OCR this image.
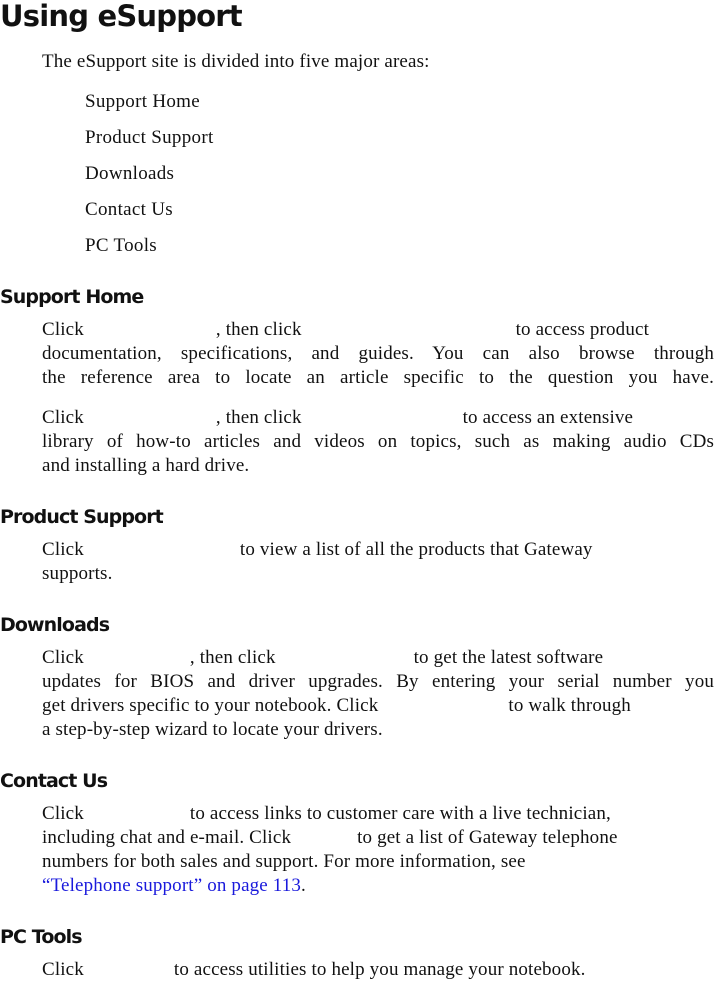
Using eSupport

The eSupport site is divided into five major areas:

Support Home

Product Support

Downloads

Contact Us

PC Tools

Support Home

Click	, then click	to access product
documentation, specifications, and guides. You can also browse through
the reference area to locate an article specific to the question you have.

Click	, then click	to access an extensive
library of how-to articles and videos on topics, such as making audio CDs
and installing a hard drive.

Product Support

Click	to view a list of all the products that Gateway
supports.

Downloads

Click	, then click	to get the latest software
updates for BIOS and driver upgrades. By entering your serial number you
get drivers specific to your notebook. Click	to walk through
a step-by-step wizard to locate your drivers.

Contact Us

Click	to access links to customer care with a live technician,
including chat and e-mail. Click	to get a list of Gateway telephone
numbers for both sales and support. For more information, see
“Telephone support” on page 113.

PC Tools

Click	to access utilities to help you manage your notebook.
